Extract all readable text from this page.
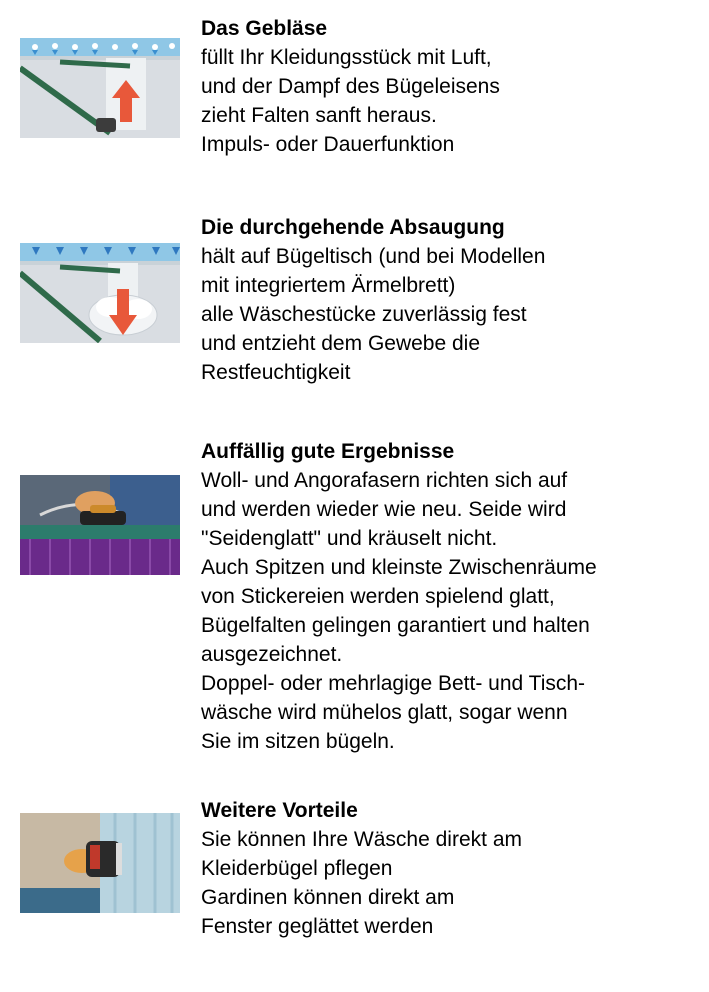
Das Gebläse
füllt Ihr Kleidungsstück mit Luft,
und der Dampf des Bügeleisens
zieht Falten sanft heraus.
Impuls- oder Dauerfunktion
Die durchgehende Absaugung
hält auf Bügeltisch (und bei Modellen
mit integriertem Ärmelbrett)
alle Wäschestücke zuverlässig fest
und entzieht dem Gewebe die
Restfeuchtigkeit
Auffällig gute Ergebnisse
Woll- und Angorafasern richten sich auf
und werden wieder wie neu. Seide wird
"Seidenglatt" und kräuselt nicht.
Auch Spitzen und kleinste Zwischenräume
von Stickereien werden spielend glatt,
Bügelfalten gelingen garantiert und halten
ausgezeichnet.
Doppel- oder mehrlagige Bett- und Tisch-
wäsche wird mühelos glatt, sogar wenn
Sie im sitzen bügeln.
Weitere Vorteile
Sie können Ihre Wäsche direkt am
Kleiderbügel pflegen
Gardinen können direkt am
Fenster geglättet werden
